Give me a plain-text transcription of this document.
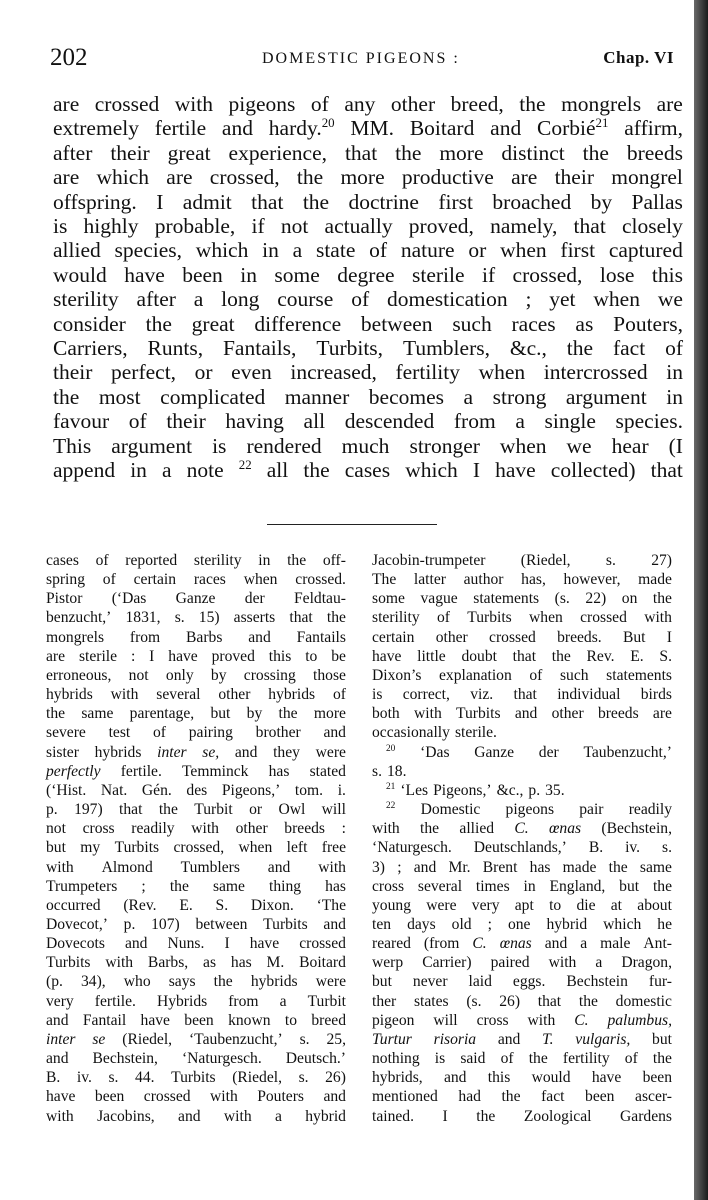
202	DOMESTIC PIGEONS :	Chap. VI
are crossed with pigeons of any other breed, the mongrels are
extremely fertile and hardy.$^{20}$ MM. Boitard and Corbié$^{21}$ affirm,
after their great experience, that the more distinct the breeds
are which are crossed, the more productive are their mongrel
offspring. I admit that the doctrine first broached by Pallas
is highly probable, if not actually proved, namely, that closely
allied species, which in a state of nature or when first captured
would have been in some degree sterile if crossed, lose this
sterility after a long course of domestication ; yet when we
consider the great difference between such races as Pouters,
Carriers, Runts, Fantails, Turbits, Tumblers, &c., the fact of
their perfect, or even increased, fertility when intercrossed in
the most complicated manner becomes a strong argument in
favour of their having all descended from a single species.
This argument is rendered much stronger when we hear (I
append in a note $^{22}$ all the cases which I have collected) that
cases of reported sterility in the off-
spring of certain races when crossed.
Pistor (‘Das Ganze der Feldtau-
benzucht,’ 1831, s. 15) asserts that the
mongrels from Barbs and Fantails
are sterile : I have proved this to be
erroneous, not only by crossing those
hybrids with several other hybrids of
the same parentage, but by the more
severe test of pairing brother and
sister hybrids inter se, and they were
perfectly fertile. Temminck has stated
(‘Hist. Nat. Gén. des Pigeons,’ tom. i.
p. 197) that the Turbit or Owl will
not cross readily with other breeds :
but my Turbits crossed, when left free
with Almond Tumblers and with
Trumpeters ; the same thing has
occurred (Rev. E. S. Dixon. ‘The
Dovecot,’ p. 107) between Turbits and
Dovecots and Nuns. I have crossed
Turbits with Barbs, as has M. Boitard
(p. 34), who says the hybrids were
very fertile. Hybrids from a Turbit
and Fantail have been known to breed
inter se (Riedel, ‘Taubenzucht,’ s. 25,
and Bechstein, ‘Naturgesch. Deutsch.’
B. iv. s. 44. Turbits (Riedel, s. 26)
have been crossed with Pouters and
with Jacobins, and with a hybrid
Jacobin-trumpeter (Riedel, s. 27)
The latter author has, however, made
some vague statements (s. 22) on the
sterility of Turbits when crossed with
certain other crossed breeds. But I
have little doubt that the Rev. E. S.
Dixon’s explanation of such statements
is correct, viz. that individual birds
both with Turbits and other breeds are
occasionally sterile.
$^{20}$ ‘Das Ganze der Taubenzucht,’
s. 18.
$^{21}$ ‘Les Pigeons,’ &c., p. 35.
$^{22}$ Domestic pigeons pair readily
with the allied C. œnas (Bechstein,
‘Naturgesch. Deutschlands,’ B. iv. s.
3) ; and Mr. Brent has made the same
cross several times in England, but the
young were very apt to die at about
ten days old ; one hybrid which he
reared (from C. œnas and a male Ant-
werp Carrier) paired with a Dragon,
but never laid eggs. Bechstein fur-
ther states (s. 26) that the domestic
pigeon will cross with C. palumbus,
Turtur risoria and T. vulgaris, but
nothing is said of the fertility of the
hybrids, and this would have been
mentioned had the fact been ascer-
tained. I the Zoological Gardens
